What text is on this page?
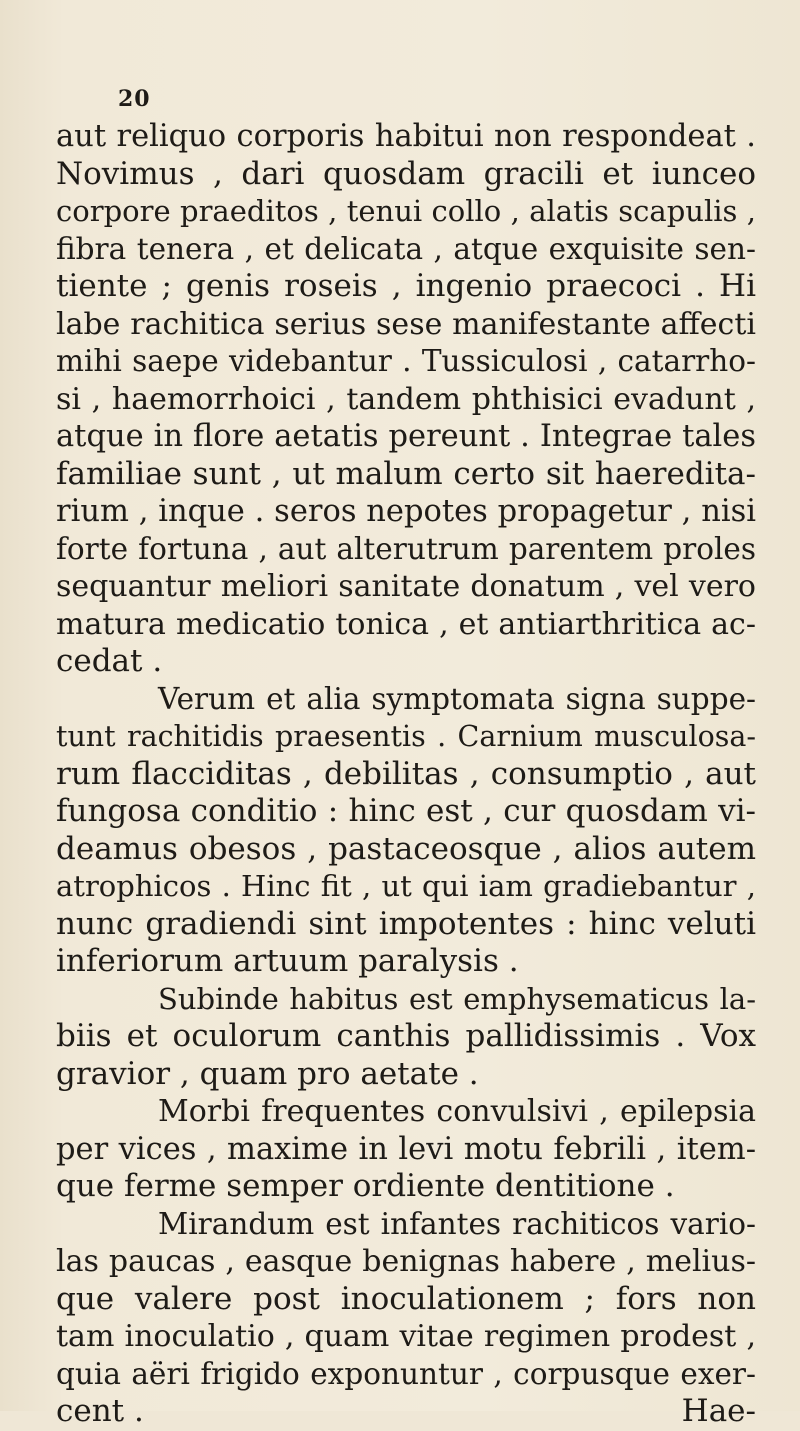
20
aut reliquo corporis habitui non respondeat .
Novimus , dari quosdam gracili et iunceo
corpore praeditos , tenui collo , alatis scapulis ,
fibra tenera , et delicata , atque exquisite sen-
tiente ; genis roseis , ingenio praecoci . Hi
labe rachitica serius sese manifestante affecti
mihi saepe videbantur . Tussiculosi , catarrho-
si , haemorrhoici , tandem phthisici evadunt ,
atque in flore aetatis pereunt . Integrae tales
familiae sunt , ut malum certo sit haeredita-
rium , inque . seros nepotes propagetur , nisi
forte fortuna , aut alterutrum parentem proles
sequantur meliori sanitate donatum , vel vero
matura medicatio tonica , et antiarthritica ac-
cedat .
Verum et alia symptomata signa suppe-
tunt rachitidis praesentis . Carnium musculosa-
rum flacciditas , debilitas , consumptio , aut
fungosa conditio : hinc est , cur quosdam vi-
deamus obesos , pastaceosque , alios autem
atrophicos . Hinc fit , ut qui iam gradiebantur ,
nunc gradiendi sint impotentes : hinc veluti
inferiorum artuum paralysis .
Subinde habitus est emphysematicus la-
biis et oculorum canthis pallidissimis . Vox
gravior , quam pro aetate .
Morbi frequentes convulsivi , epilepsia
per vices , maxime in levi motu febrili , item-
que ferme semper ordiente dentitione .
Mirandum est infantes rachiticos vario-
las paucas , easque benignas habere , melius-
que valere post inoculationem ; fors non
tam inoculatio , quam vitae regimen prodest ,
quia aëri frigido exponuntur , corpusque exer-
cent .	Hae-
